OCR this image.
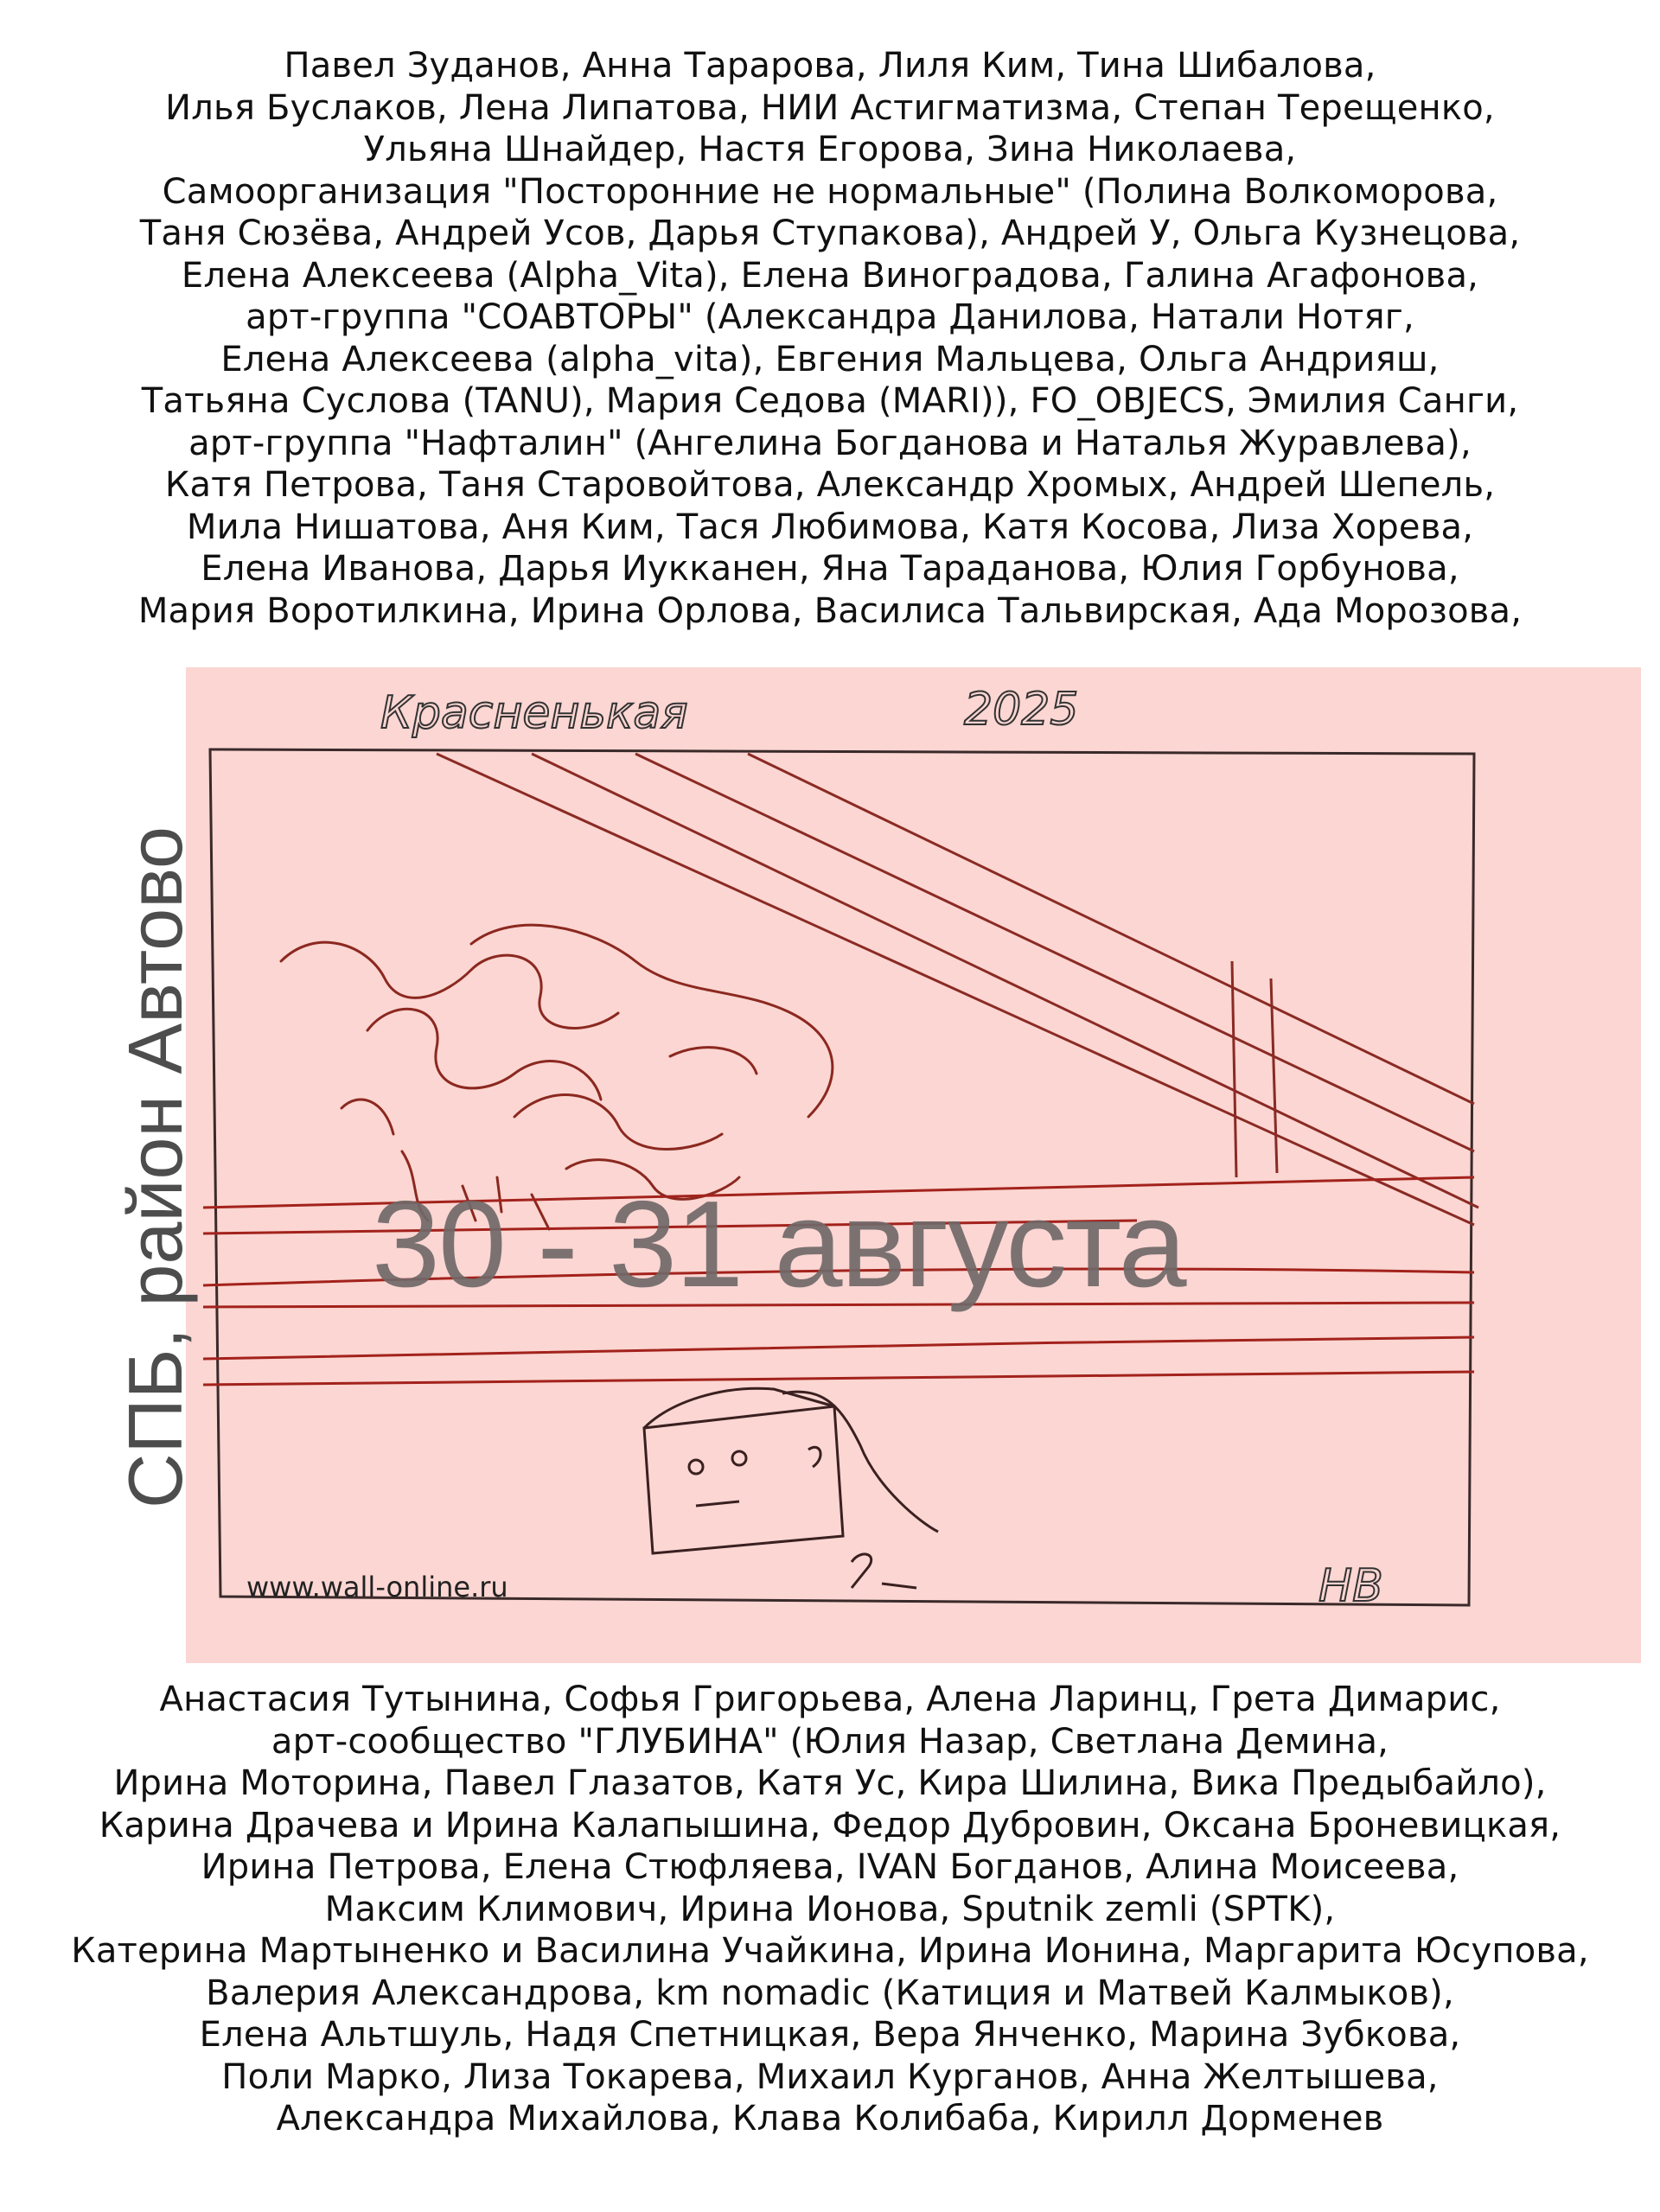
Павел Зуданов, Анна Тарарова, Лиля Ким, Тина Шибалова,
Илья Буслаков, Лена Липатова, НИИ Астигматизма, Степан Терещенко,
Ульяна Шнайдер, Настя Егорова, Зина Николаева,
Самоорганизация "Посторонние не нормальные" (Полина Волкоморова,
Таня Сюзёва, Андрей Усов, Дарья Ступакова), Андрей У, Ольга Кузнецова,
Елена Алексеева (Alpha_Vita), Елена Виноградова, Галина Агафонова,
арт-группа "СОАВТОРЫ" (Александра Данилова, Натали Нотяг,
Елена Алексеева (alpha_vita), Евгения Мальцева, Ольга Андрияш,
Татьяна Суслова (TANU), Мария Седова (MARI)), FO_OBJECS, Эмилия Санги,
арт-группа "Нафталин" (Ангелина Богданова и Наталья Журавлева),
Катя Петрова, Таня Старовойтова, Александр Хромых, Андрей Шепель,
Мила Нишатова, Аня Ким, Тася Любимова, Катя Косова, Лиза Хорева,
Елена Иванова, Дарья Иукканен, Яна Тараданова, Юлия Горбунова,
Мария Воротилкина, Ирина Орлова, Василиса Тальвирская, Ада Морозова,
Красненькая	2025
НВ
www.wall-online.ru
30 - 31 августа
СПБ, район Автово
Анастасия Тутынина, Софья Григорьева, Алена Ларинц, Грета Димарис,
арт-сообщество "ГЛУБИНА" (Юлия Назар, Светлана Демина,
Ирина Моторина, Павел Глазатов, Катя Ус, Кира Шилина, Вика Предыбайло),
Карина Драчева и Ирина Калапышина, Федор Дубровин, Оксана Броневицкая,
Ирина Петрова, Елена Стюфляева, IVAN Богданов, Алина Моисеева,
Максим Климович, Ирина Ионова, Sputnik zemli (SPTK),
Катерина Мартыненко и Василина Учайкина, Ирина Ионина, Маргарита Юсупова,
Валерия Александрова, km nomadic (Катиция и Матвей Калмыков),
Елена Альтшуль, Надя Спетницкая, Вера Янченко, Марина Зубкова,
Поли Марко, Лиза Токарева, Михаил Курганов, Анна Желтышева,
Александра Михайлова, Клава Колибаба, Кирилл Дорменев
